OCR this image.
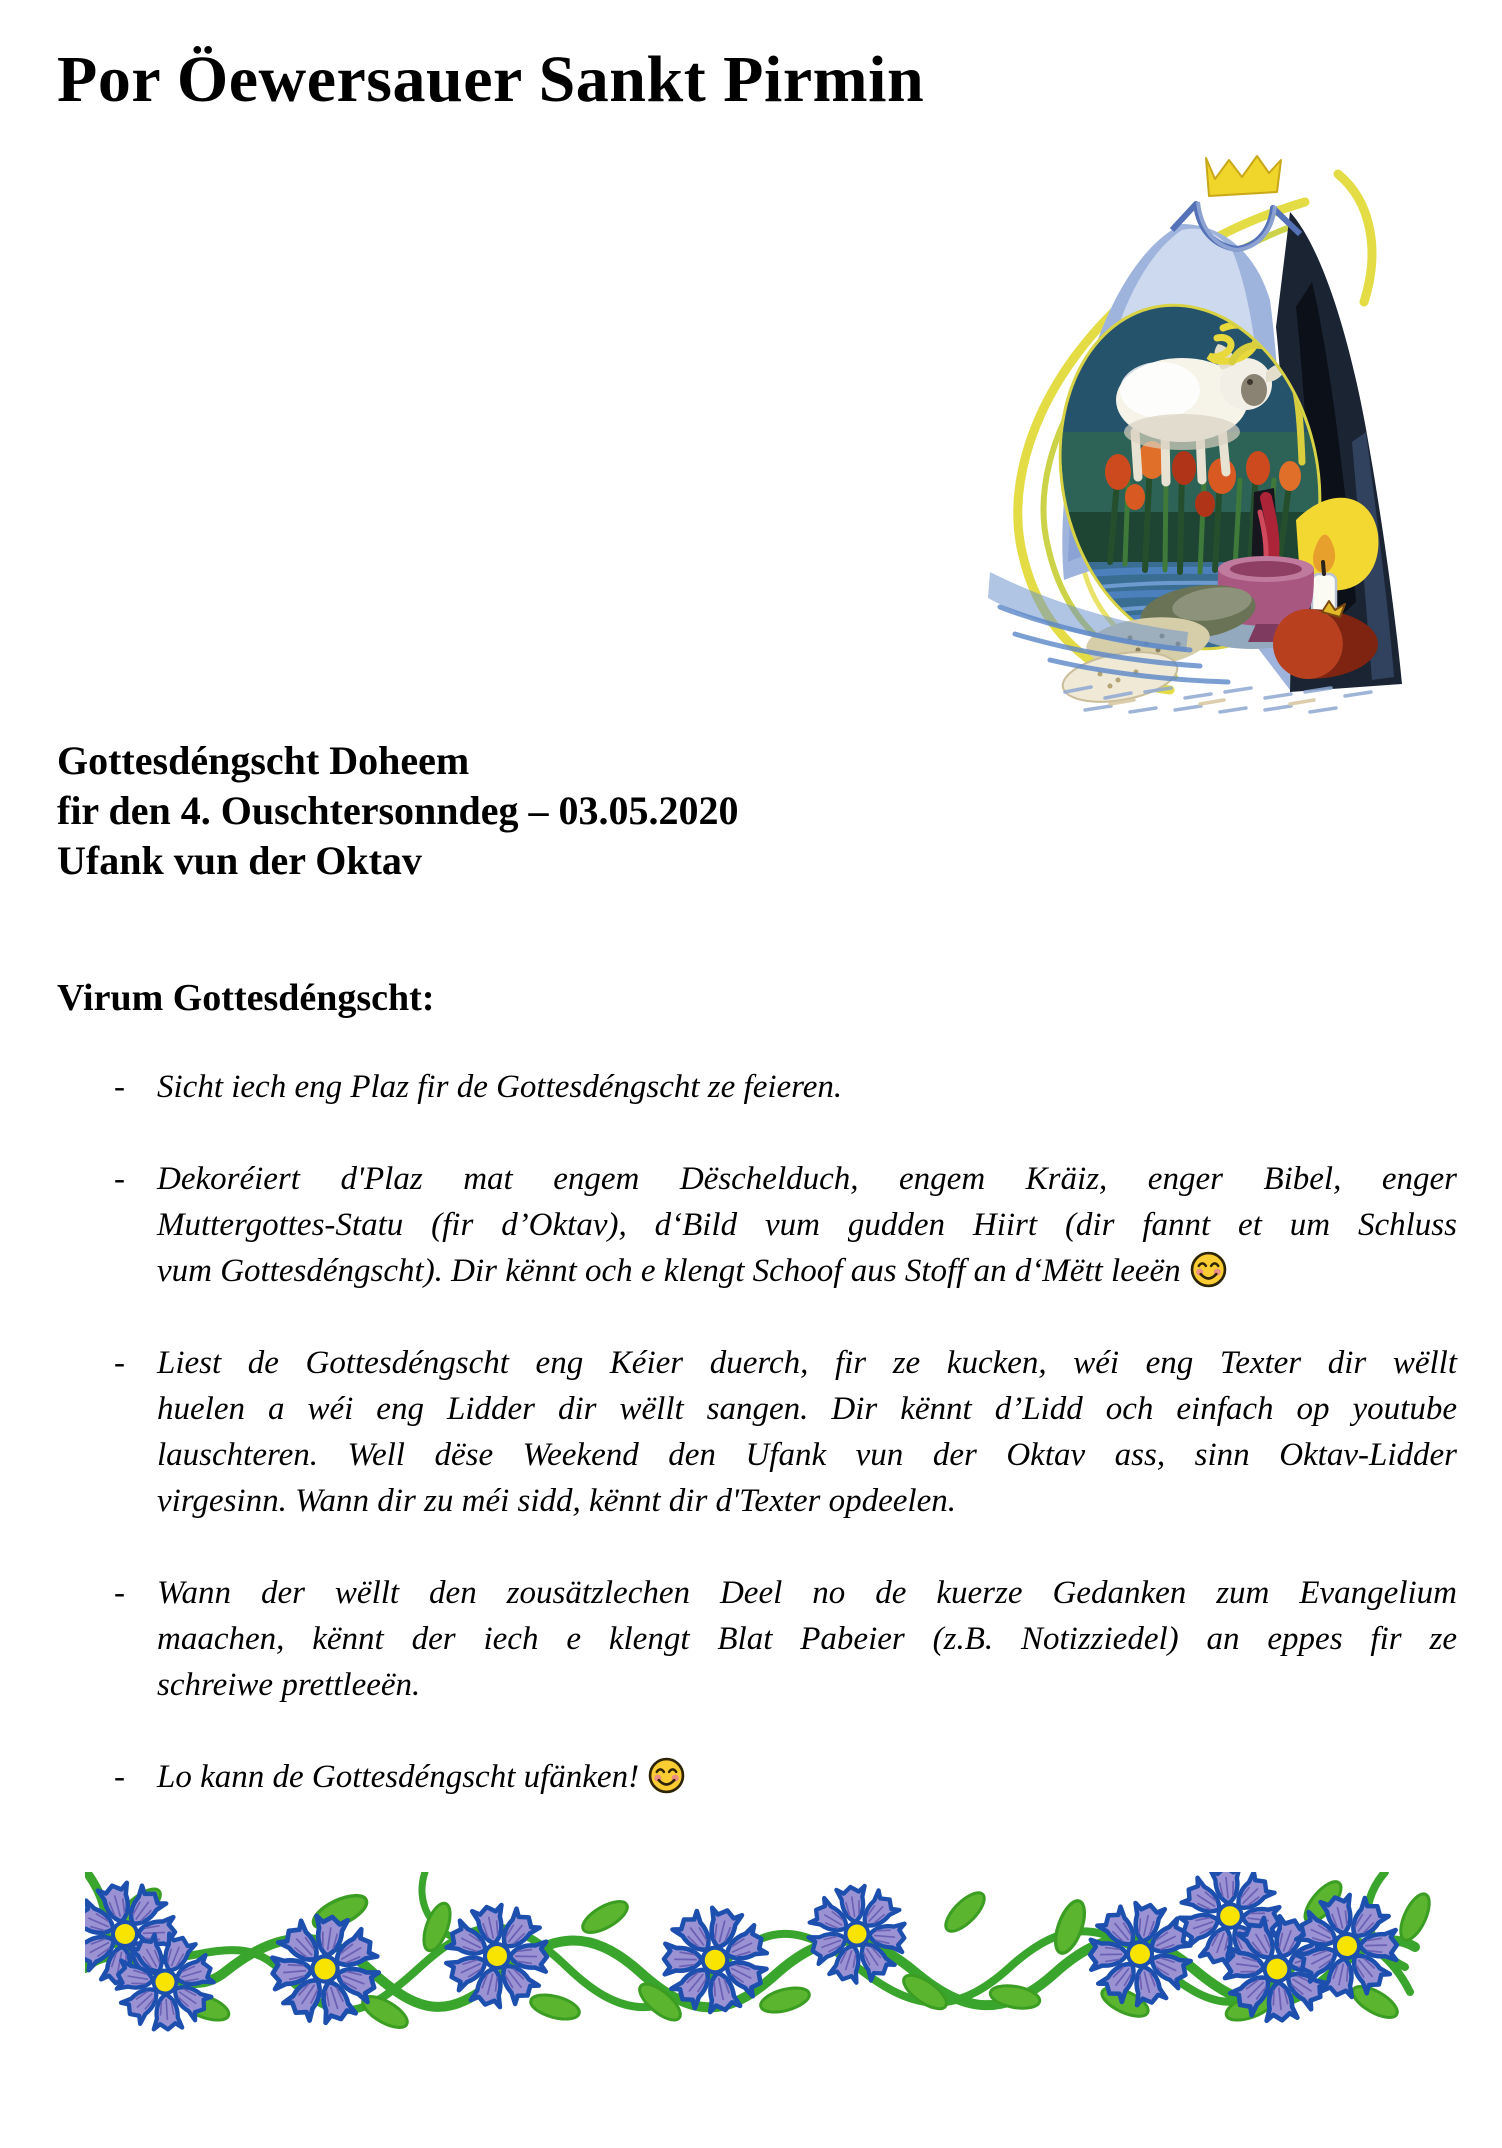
Por Öewersauer Sankt Pirmin
Gottesdéngscht Doheem
fir den 4. Ouschtersonndeg – 03.05.2020
Ufank vun der Oktav
Virum Gottesdéngscht:
- Sicht iech eng Plaz fir de Gottesdéngscht ze feieren.
- Dekoréiert d'Plaz mat engem Dëschelduch, engem Kräiz, enger Bibel, enger
Muttergottes-Statu (fir d’Oktav), d‘Bild vum gudden Hiirt (dir fannt et um Schluss
vum Gottesdéngscht). Dir kënnt och e klengt Schoof aus Stoff an d‘Mëtt leeën
- Liest de Gottesdéngscht eng Kéier duerch, fir ze kucken, wéi eng Texter dir wëllt
huelen a wéi eng Lidder dir wëllt sangen. Dir kënnt d’Lidd och einfach op youtube
lauschteren. Well dëse Weekend den Ufank vun der Oktav ass, sinn Oktav-Lidder
virgesinn. Wann dir zu méi sidd, kënnt dir d'Texter opdeelen.
- Wann der wëllt den zousätzlechen Deel no de kuerze Gedanken zum Evangelium
maachen, kënnt der iech e klengt Blat Pabeier (z.B. Notizziedel) an eppes fir ze
schreiwe prettleeën.
- Lo kann de Gottesdéngscht ufänken!
